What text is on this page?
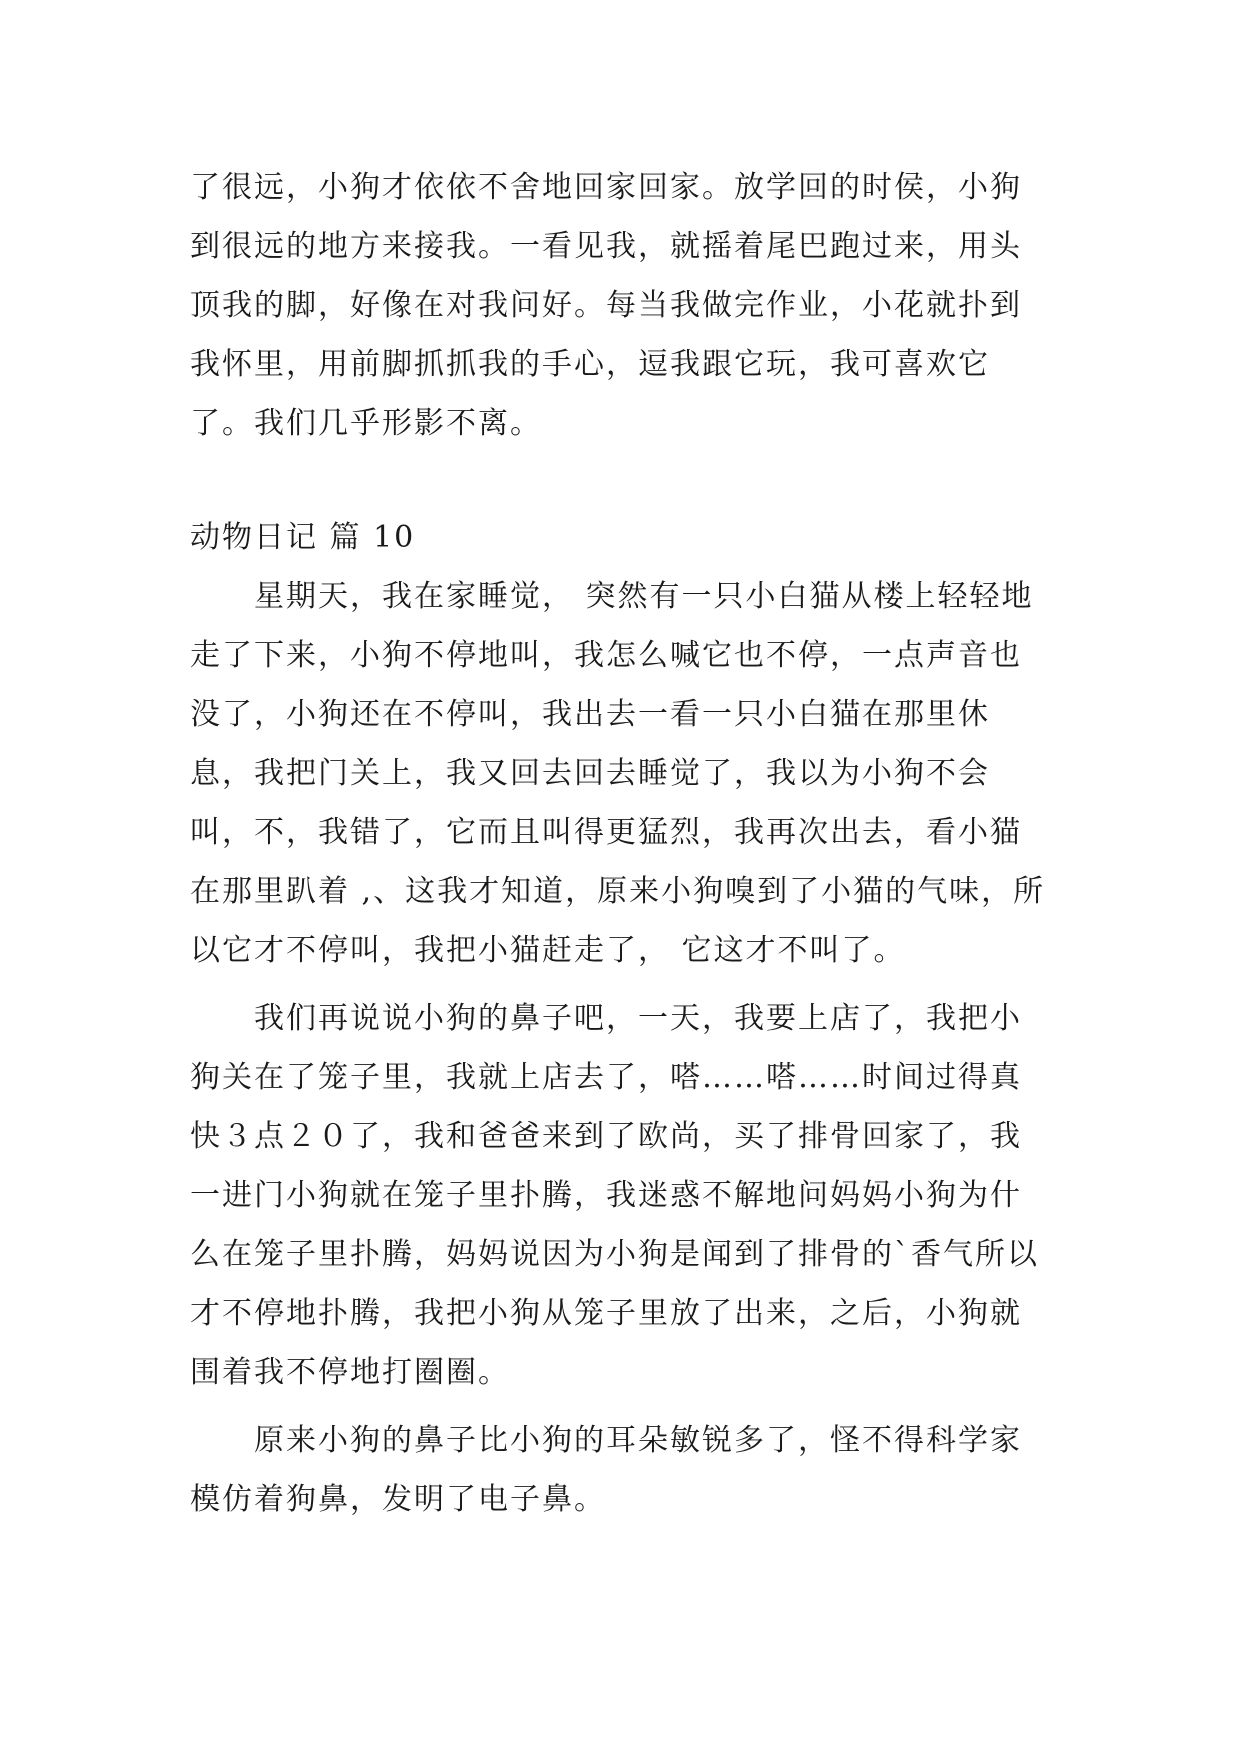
了很远，小狗才依依不舍地回家回家。放学回的时侯，小狗到很远的地方来接我。一看见我，就摇着尾巴跑过来，用头顶我的脚，好像在对我问好。每当我做完作业，小花就扑到我怀里，用前脚抓抓我的手心，逗我跟它玩，我可喜欢它了。我们几乎形影不离。

动物日记 篇 10

星期天，我在家睡觉， 突然有一只小白猫从楼上轻轻地走了下来，小狗不停地叫，我怎么喊它也不停，一点声音也没了，小狗还在不停叫，我出去一看一只小白猫在那里休息，我把门关上，我又回去回去睡觉了，我以为小狗不会叫，不，我错了，它而且叫得更猛烈，我再次出去，看小猫在那里趴着 ,、这我才知道，原来小狗嗅到了小猫的气味，所以它才不停叫，我把小猫赶走了， 它这才不叫了。

我们再说说小狗的鼻子吧，一天，我要上店了，我把小狗关在了笼子里，我就上店去了，嗒……嗒……时间过得真快３点２０了，我和爸爸来到了欧尚，买了排骨回家了，我一进门小狗就在笼子里扑腾，我迷惑不解地问妈妈小狗为什么在笼子里扑腾，妈妈说因为小狗是闻到了排骨的`香气所以才不停地扑腾，我把小狗从笼子里放了出来，之后，小狗就围着我不停地打圈圈。

原来小狗的鼻子比小狗的耳朵敏锐多了，怪不得科学家模仿着狗鼻，发明了电子鼻。
